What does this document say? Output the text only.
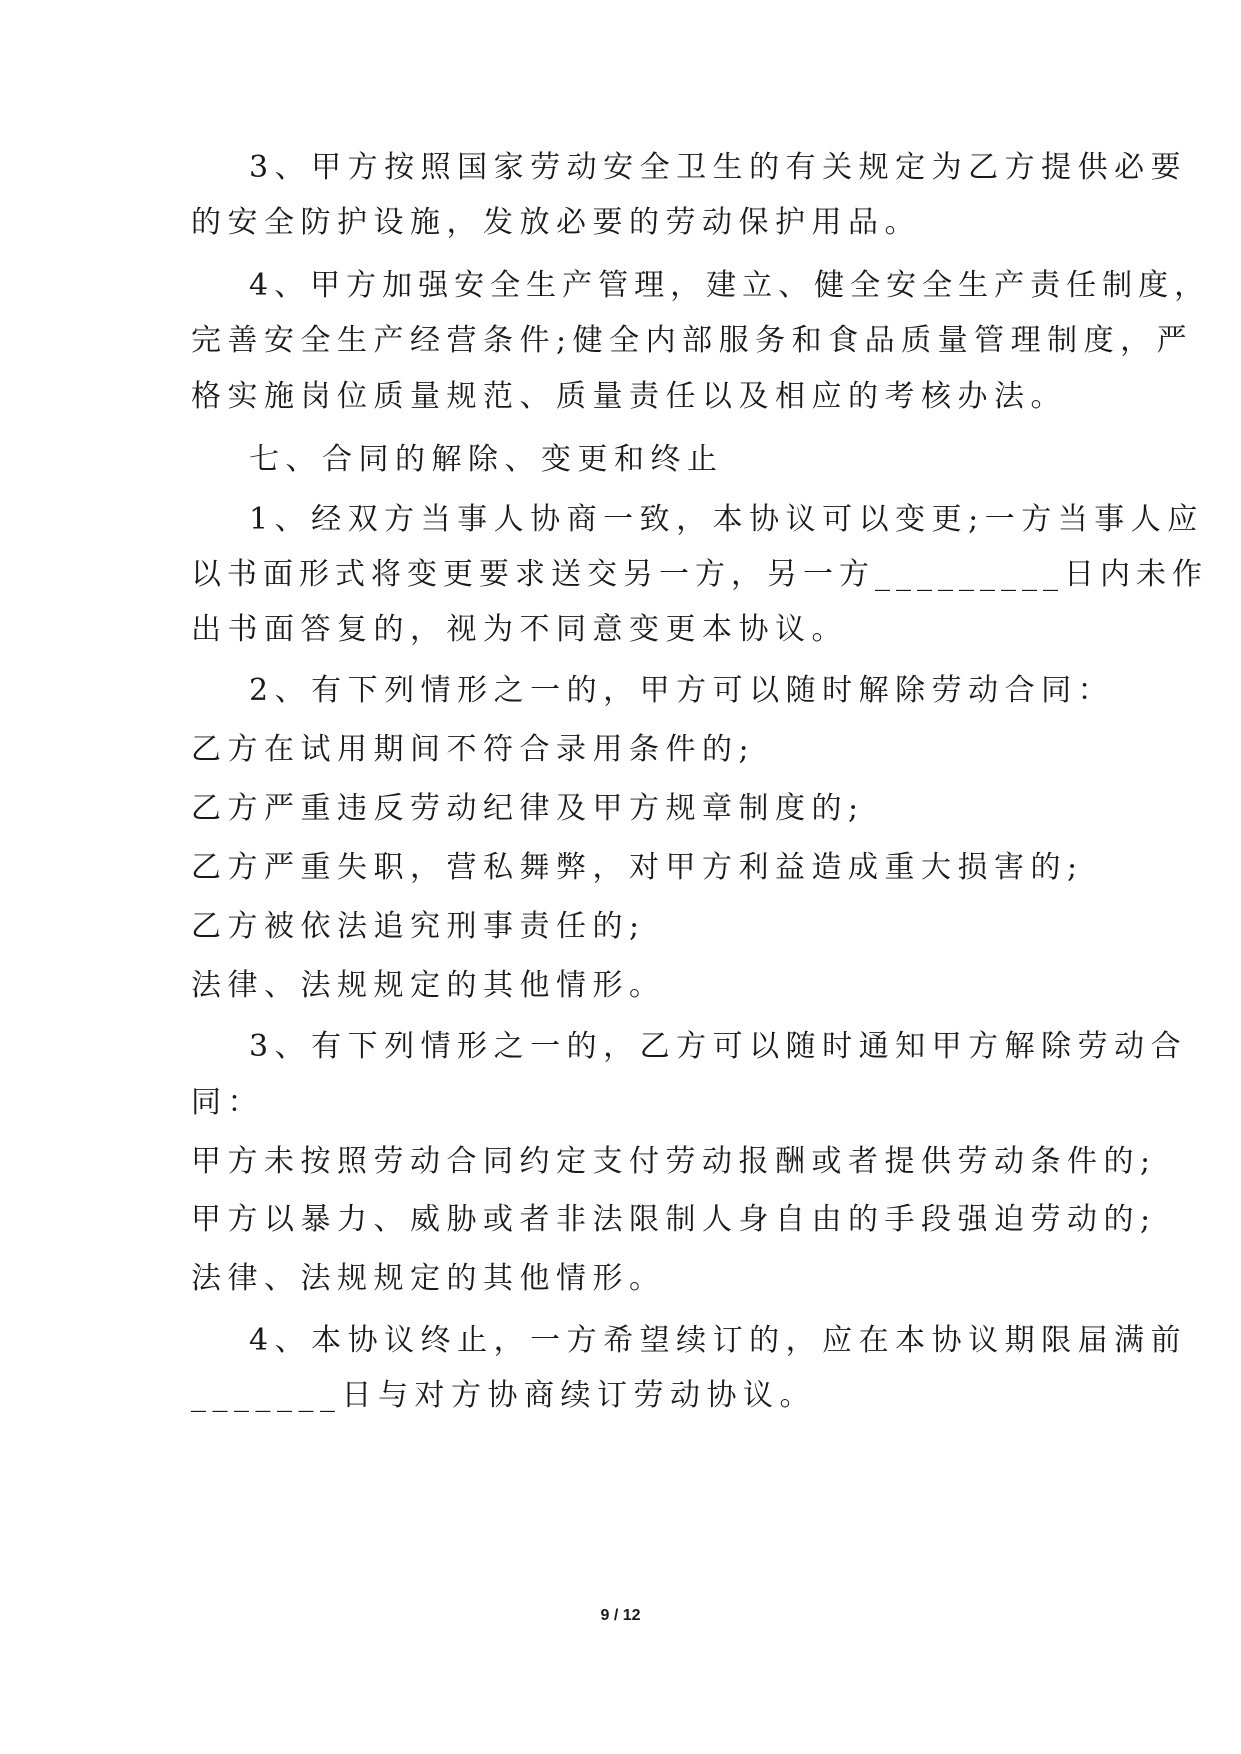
3、甲方按照国家劳动安全卫生的有关规定为乙方提供必要
的安全防护设施，发放必要的劳动保护用品。
4、甲方加强安全生产管理，建立、健全安全生产责任制度，
完善安全生产经营条件;健全内部服务和食品质量管理制度，严
格实施岗位质量规范、质量责任以及相应的考核办法。
七、合同的解除、变更和终止
1、经双方当事人协商一致，本协议可以变更;一方当事人应
以书面形式将变更要求送交另一方，另一方_________日内未作
出书面答复的，视为不同意变更本协议。
2、有下列情形之一的，甲方可以随时解除劳动合同：
乙方在试用期间不符合录用条件的;
乙方严重违反劳动纪律及甲方规章制度的;
乙方严重失职，营私舞弊，对甲方利益造成重大损害的;
乙方被依法追究刑事责任的;
法律、法规规定的其他情形。
3、有下列情形之一的，乙方可以随时通知甲方解除劳动合
同：
甲方未按照劳动合同约定支付劳动报酬或者提供劳动条件的;
甲方以暴力、威胁或者非法限制人身自由的手段强迫劳动的;
法律、法规规定的其他情形。
4、本协议终止，一方希望续订的，应在本协议期限届满前
_______日与对方协商续订劳动协议。
9 / 12
